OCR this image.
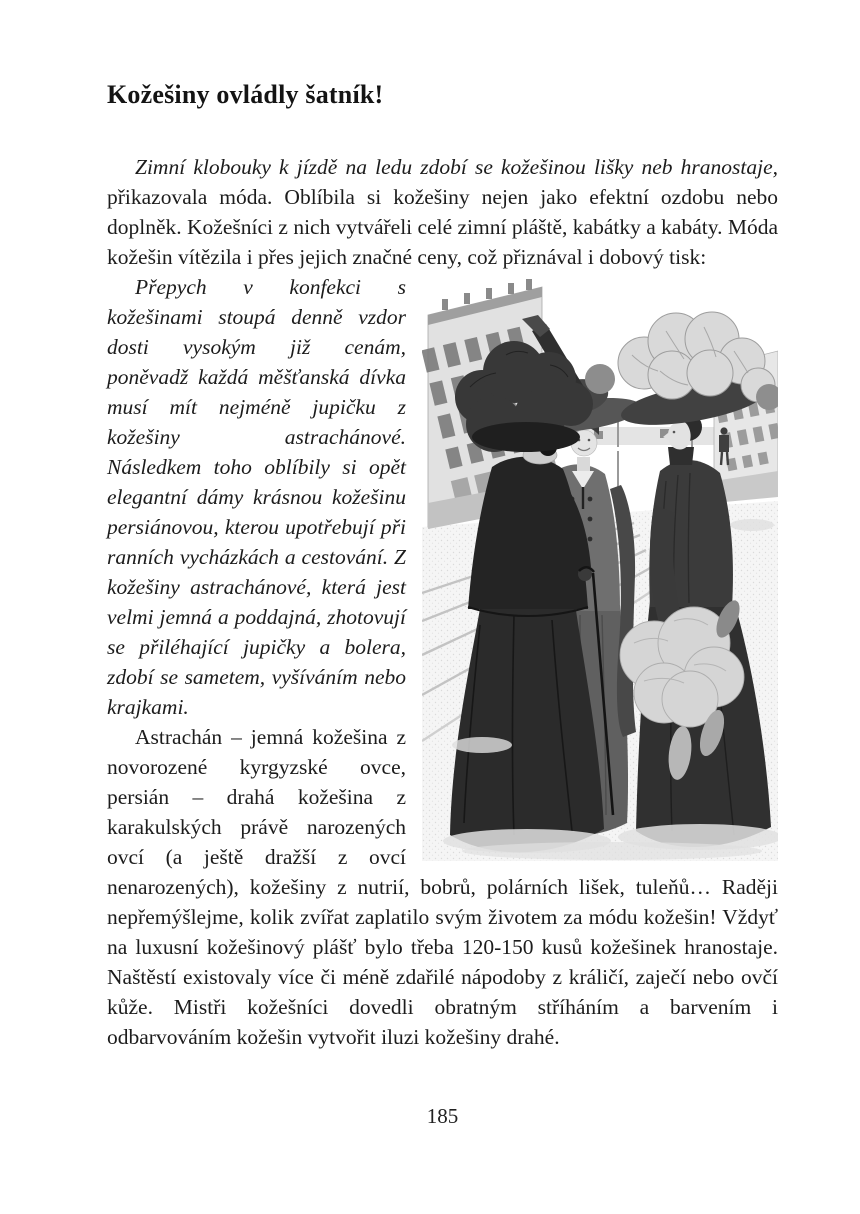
Kožešiny ovládly šatník!

Zimní klobouky k jízdě na ledu zdobí se kožešinou lišky neb hranostaje, přikazovala móda. Oblíbila si kožešiny nejen jako efektní ozdobu nebo doplněk. Kožešníci z nich vytvářeli celé zimní pláště, kabátky a kabáty. Móda kožešin vítězila i přes jejich značné ceny, což přiznával i dobový tisk:

Přepych v konfekci s kožešinami stoupá denně vzdor dosti vysokým již cenám, poněvadž každá měšťanská dívka musí mít nejméně jupičku z kožešiny astrachánové. Následkem toho oblíbily si opět elegantní dámy krásnou kožešinu persiánovou, kterou upotřebují při ranních vycházkách a cestování. Z kožešiny astrachánové, která jest velmi jemná a poddajná, zhotovují se přiléhající jupičky a bolera, zdobí se sametem, vyšíváním nebo krajkami.

Astrachán – jemná kožešina z novorozené kyrgyzské ovce, persián – drahá kožešina z karakulských právě narozených ovcí (a ještě dražší z ovcí nenarozených), kožešiny z nutrií, bobrů, polárních lišek, tuleňů… Raději nepřemýšlejme, kolik zvířat zaplatilo svým životem za módu kožešin! Vždyť na luxusní kožešinový plášť bylo třeba 120-150 kusů kožešinek hranostaje. Naštěstí existovaly více či méně zdařilé nápodoby z králičí, zaječí nebo ovčí kůže. Mistři kožešníci dovedli obratným stříháním a barvením i odbarvováním kožešin vytvořit iluzi kožešiny drahé.

185
